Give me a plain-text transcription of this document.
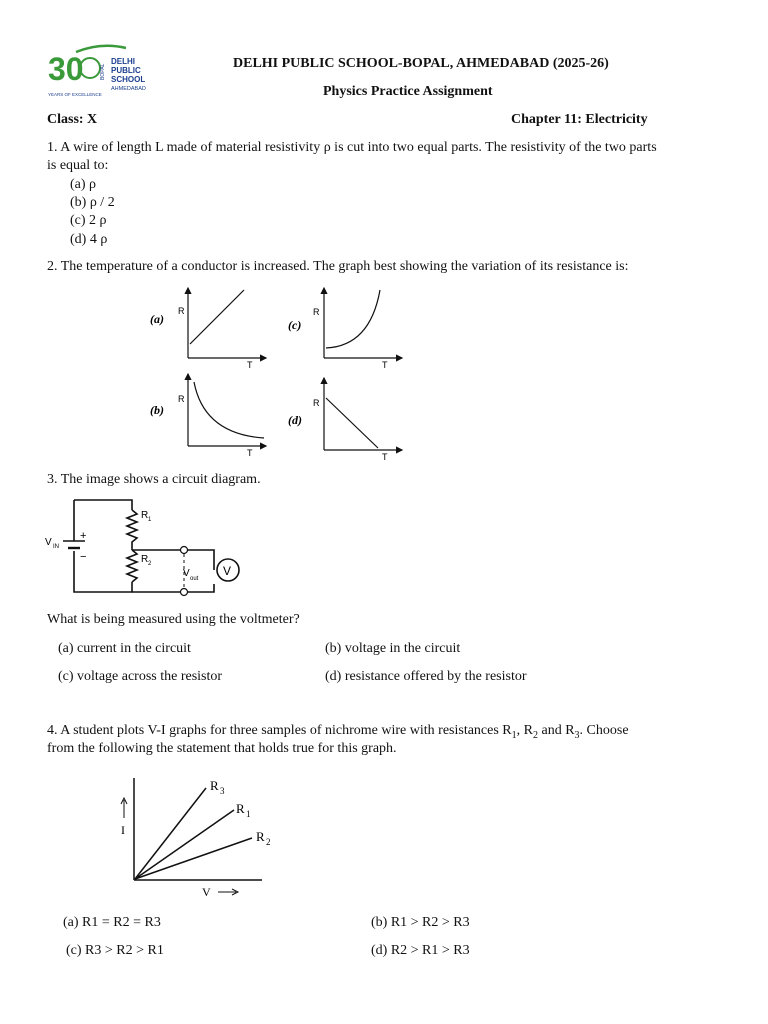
30	BOPAL
DELHI
PUBLIC
SCHOOL
AHMEDABAD
YEARS OF EXCELLENCE
DELHI PUBLIC SCHOOL-BOPAL, AHMEDABAD (2025-26)
Physics Practice Assignment
Class: X	Chapter 11: Electricity
1. A wire of length L made of material resistivity ρ is cut into two equal parts. The resistivity of the two parts
is equal to:
(a) ρ
(b) ρ / 2
(c) 2 ρ
(d) 4 ρ
2. The temperature of a conductor is increased. The graph best showing the variation of its resistance is:
(a)
R
T
(c)
R
T
(b)
R
T
(d)
R
T
3. The image shows a circuit diagram.
V
V IN
+
−
R 1
R 2
V out
What is being measured using the voltmeter?
(a) current in the circuit	(b) voltage in the circuit
(c) voltage across the resistor	(d) resistance offered by the resistor
4. A student plots V-I graphs for three samples of nichrome wire with resistances $R_1$, $R_2$ and $R_3$. Choose
from the following the statement that holds true for this graph.
I
V
R 3
R 1
R 2
(a) R1 = R2 = R3	(b) R1 > R2 > R3
(c) R3 > R2 > R1	(d) R2 > R1 > R3
